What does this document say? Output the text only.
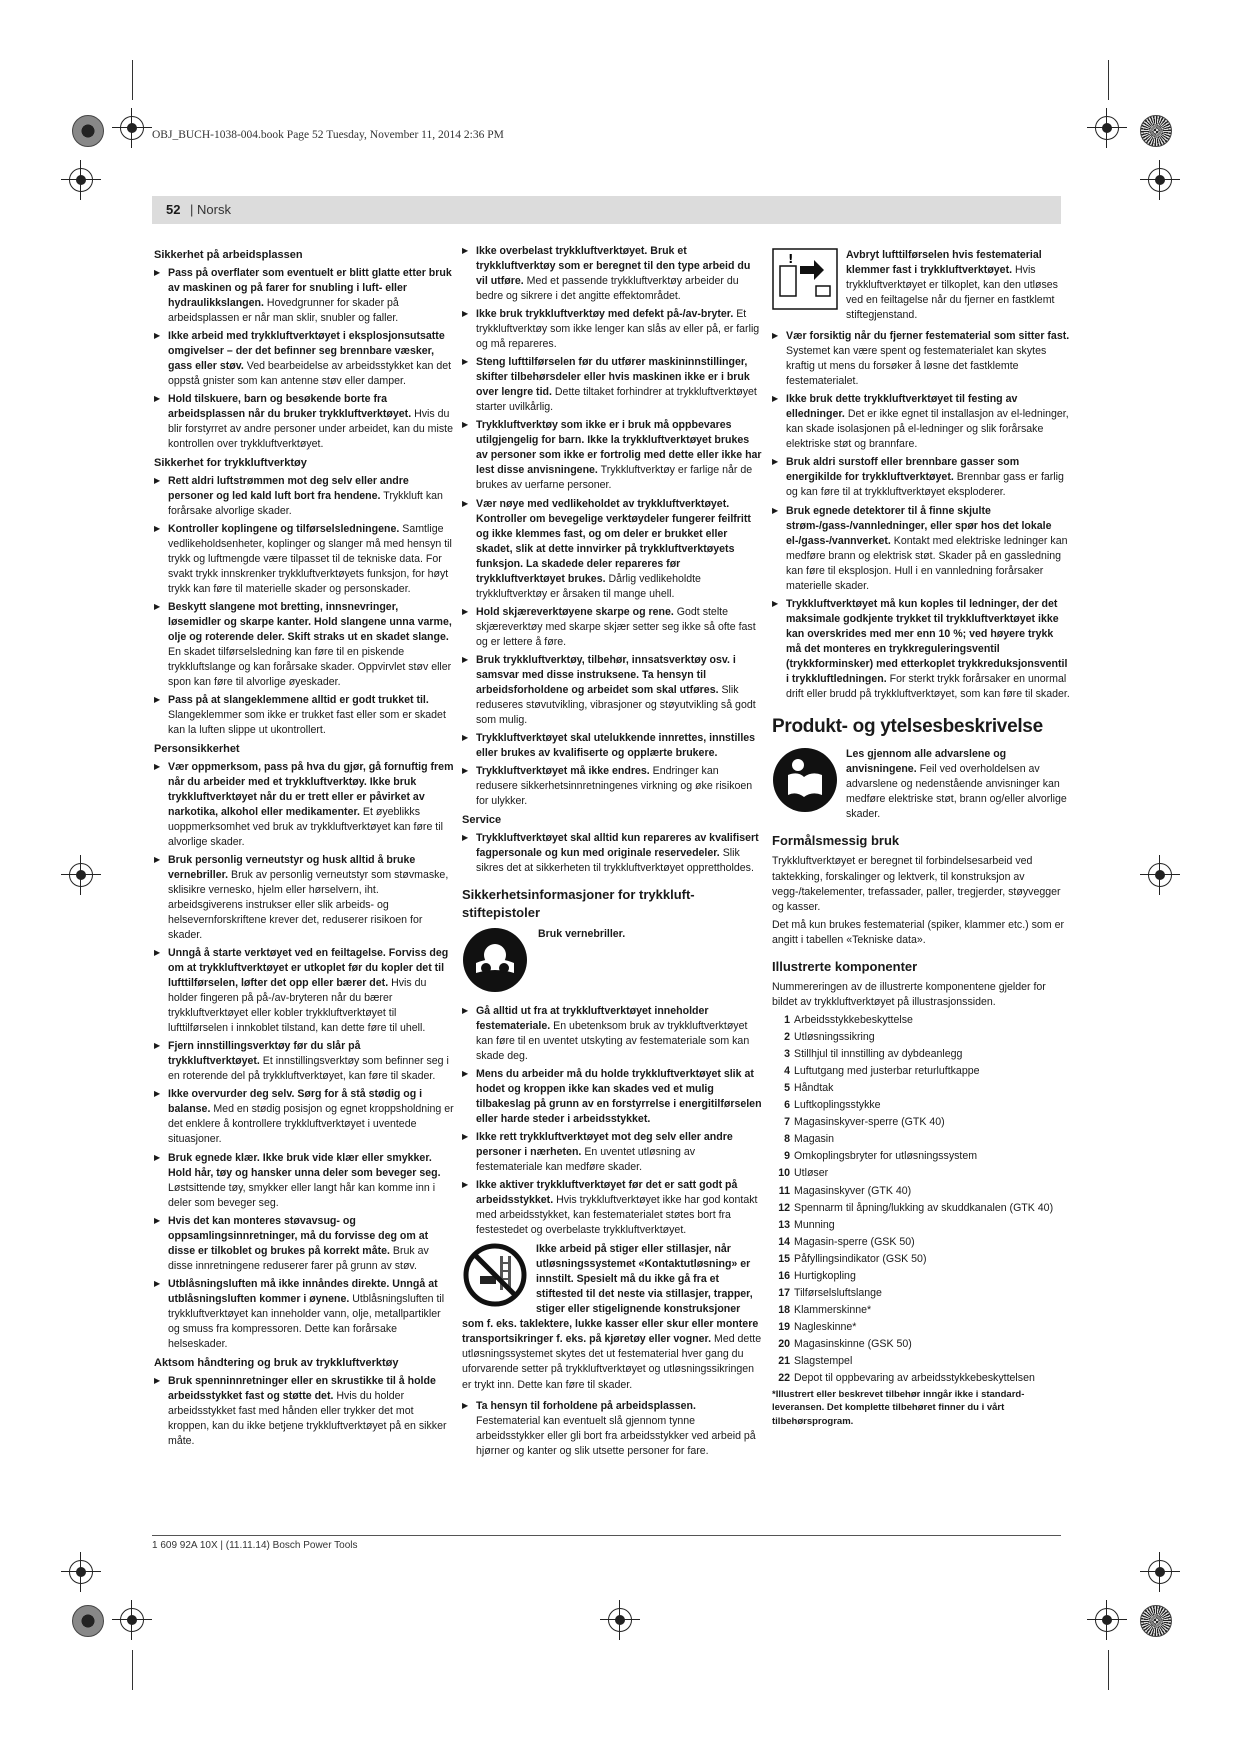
OBJ_BUCH-1038-004.book Page 52 Tuesday, November 11, 2014 2:36 PM
52 | Norsk
Sikkerhet på arbeidsplassen
▶ Pass på overflater som eventuelt er blitt glatte etter bruk av maskinen og på farer for snubling i luft- eller hydraulikkslangen. Hovedgrunner for skader på arbeidsplassen er når man sklir, snubler og faller.
▶ Ikke arbeid med trykkluftverktøyet i eksplosjonsutsatte omgivelser – der det befinner seg brennbare væsker, gass eller støv. Ved bearbeidelse av arbeidsstykket kan det oppstå gnister som kan antenne støv eller damper.
▶ Hold tilskuere, barn og besøkende borte fra arbeidsplassen når du bruker trykkluftverktøyet. Hvis du blir forstyrret av andre personer under arbeidet, kan du miste kontrollen over trykkluftverktøyet.
Sikkerhet for trykkluftverktøy
▶ Rett aldri luftstrømmen mot deg selv eller andre personer og led kald luft bort fra hendene. Trykkluft kan forårsake alvorlige skader.
▶ Kontroller koplingene og tilførselsledningene. Samtlige vedlikeholdsenheter, koplinger og slanger må med hensyn til trykk og luftmengde være tilpasset til de tekniske data. For svakt trykk innskrenker trykkluftverktøyets funksjon, for høyt trykk kan føre til materielle skader og personskader.
▶ Beskytt slangene mot bretting, innsnevringer, løsemidler og skarpe kanter. Hold slangene unna varme, olje og roterende deler. Skift straks ut en skadet slange. En skadet tilførselsledning kan føre til en piskende trykkluftslange og kan forårsake skader. Oppvirvlet støv eller spon kan føre til alvorlige øyeskader.
▶ Pass på at slangeklemmene alltid er godt trukket til. Slangeklemmer som ikke er trukket fast eller som er skadet kan la luften slippe ut ukontrollert.
Personsikkerhet
▶ Vær oppmerksom, pass på hva du gjør, gå fornuftig frem når du arbeider med et trykkluftverktøy. Ikke bruk trykkluftverktøyet når du er trett eller er påvirket av narkotika, alkohol eller medikamenter. Et øyeblikks uoppmerksomhet ved bruk av trykkluftverktøyet kan føre til alvorlige skader.
▶ Bruk personlig verneutstyr og husk alltid å bruke vernebriller. Bruk av personlig verneutstyr som støvmaske, sklisikre vernesko, hjelm eller hørselvern, iht. arbeidsgiverens instrukser eller slik arbeids- og helsevernforskriftene krever det, reduserer risikoen for skader.
▶ Unngå å starte verktøyet ved en feiltagelse. Forviss deg om at trykkluftverktøyet er utkoplet før du kopler det til lufttilførselen, løfter det opp eller bærer det. Hvis du holder fingeren på på-/av-bryteren når du bærer trykkluftverktøyet eller kobler trykkluftverktøyet til lufttilførselen i innkoblet tilstand, kan dette føre til uhell.
▶ Fjern innstillingsverktøy før du slår på trykkluftverktøyet. Et innstillingsverktøy som befinner seg i en roterende del på trykkluftverktøyet, kan føre til skader.
▶ Ikke overvurder deg selv. Sørg for å stå stødig og i balanse. Med en stødig posisjon og egnet kroppsholdning er det enklere å kontrollere trykkluftverktøyet i uventede situasjoner.
▶ Bruk egnede klær. Ikke bruk vide klær eller smykker. Hold hår, tøy og hansker unna deler som beveger seg. Løstsittende tøy, smykker eller langt hår kan komme inn i deler som beveger seg.
▶ Hvis det kan monteres støvavsug- og oppsamlingsinnretninger, må du forvisse deg om at disse er tilkoblet og brukes på korrekt måte. Bruk av disse innretningene reduserer farer på grunn av støv.
▶ Utblåsningsluften må ikke innåndes direkte. Unngå at utblåsningsluften kommer i øynene. Utblåsningsluften til trykkluftverktøyet kan inneholder vann, olje, metallpartikler og smuss fra kompressoren. Dette kan forårsake helseskader.
Aktsom håndtering og bruk av trykkluftverktøy
▶ Bruk spenninnretninger eller en skrustikke til å holde arbeidsstykket fast og støtte det. Hvis du holder arbeidsstykket fast med hånden eller trykker det mot kroppen, kan du ikke betjene trykkluftverktøyet på en sikker måte.
▶ Ikke overbelast trykkluftverktøyet. Bruk et trykkluftverktøy som er beregnet til den type arbeid du vil utføre. Med et passende trykkluftverktøy arbeider du bedre og sikrere i det angitte effektområdet.
▶ Ikke bruk trykkluftverktøy med defekt på-/av-bryter. Et trykkluftverktøy som ikke lenger kan slås av eller på, er farlig og må repareres.
▶ Steng lufttilførselen før du utfører maskininnstillinger, skifter tilbehørsdeler eller hvis maskinen ikke er i bruk over lengre tid. Dette tiltaket forhindrer at trykkluftverktøyet starter uvilkårlig.
▶ Trykkluftverktøy som ikke er i bruk må oppbevares utilgjengelig for barn. Ikke la trykkluftverktøyet brukes av personer som ikke er fortrolig med dette eller ikke har lest disse anvisningene. Trykkluftverktøy er farlige når de brukes av uerfarne personer.
▶ Vær nøye med vedlikeholdet av trykkluftverktøyet. Kontroller om bevegelige verktøydeler fungerer feilfritt og ikke klemmes fast, og om deler er brukket eller skadet, slik at dette innvirker på trykkluftverktøyets funksjon. La skadede deler repareres før trykkluftverktøyet brukes. Dårlig vedlikeholdte trykkluftverktøy er årsaken til mange uhell.
▶ Hold skjæreverktøyene skarpe og rene. Godt stelte skjæreverktøy med skarpe skjær setter seg ikke så ofte fast og er lettere å føre.
▶ Bruk trykkluftverktøy, tilbehør, innsatsverktøy osv. i samsvar med disse instruksene. Ta hensyn til arbeidsforholdene og arbeidet som skal utføres. Slik reduseres støvutvikling, vibrasjoner og støyutvikling så godt som mulig.
▶ Trykkluftverktøyet skal utelukkende innrettes, innstilles eller brukes av kvalifiserte og opplærte brukere.
▶ Trykkluftverktøyet må ikke endres. Endringer kan redusere sikkerhetsinnretningenes virkning og øke risikoen for ulykker.
Service
▶ Trykkluftverktøyet skal alltid kun repareres av kvalifisert fagpersonale og kun med originale reservedeler. Slik sikres det at sikkerheten til trykkluftverktøyet opprettholdes.
Sikkerhetsinformasjoner for trykkluft-stiftepistoler
Bruk vernebriller.
▶ Gå alltid ut fra at trykkluftverktøyet inneholder festemateriale. En ubetenksom bruk av trykkluftverktøyet kan føre til en uventet utskyting av festemateriale som kan skade deg.
▶ Mens du arbeider må du holde trykkluftverktøyet slik at hodet og kroppen ikke kan skades ved et mulig tilbakeslag på grunn av en forstyrrelse i energitilførselen eller harde steder i arbeidsstykket.
▶ Ikke rett trykkluftverktøyet mot deg selv eller andre personer i nærheten. En uventet utløsning av festemateriale kan medføre skader.
▶ Ikke aktiver trykkluftverktøyet før det er satt godt på arbeidsstykket. Hvis trykkluftverktøyet ikke har god kontakt med arbeidsstykket, kan festematerialet støtes bort fra festestedet og overbelaste trykkluftverktøyet.
Ikke arbeid på stiger eller stillasjer, når utløsningssystemet «Kontaktutløsning» er innstilt. Spesielt må du ikke gå fra et stiftested til det neste via stillasjer, trapper, stiger eller stigelignende konstruksjoner som f. eks. taklektere, lukke kasser eller skur eller montere transportsikringer f. eks. på kjøretøy eller vogner. Med dette utløsningssystemet skytes det ut festematerial hver gang du uforvarende setter på trykkluftverktøyet og utløsningssikringen er trykt inn. Dette kan føre til skader.
▶ Ta hensyn til forholdene på arbeidsplassen. Festematerial kan eventuelt slå gjennom tynne arbeidsstykker eller gli bort fra arbeidsstykker ved arbeid på hjørner og kanter og slik utsette personer for fare.
!	Avbryt lufttilførselen hvis festematerial klemmer fast i trykkluftverktøyet. Hvis trykkluftverktøyet er tilkoplet, kan den utløses ved en feiltagelse når du fjerner en fastklemt stiftegjenstand.
▶ Vær forsiktig når du fjerner festematerial som sitter fast. Systemet kan være spent og festematerialet kan skytes kraftig ut mens du forsøker å løsne det fastklemte festematerialet.
▶ Ikke bruk dette trykkluftverktøyet til festing av elledninger. Det er ikke egnet til installasjon av el-ledninger, kan skade isolasjonen på el-ledninger og slik forårsake elektriske støt og brannfare.
▶ Bruk aldri surstoff eller brennbare gasser som energikilde for trykkluftverktøyet. Brennbar gass er farlig og kan føre til at trykkluftverktøyet eksploderer.
▶ Bruk egnede detektorer til å finne skjulte strøm-/gass-/vannledninger, eller spør hos det lokale el-/gass-/vannverket. Kontakt med elektriske ledninger kan medføre brann og elektrisk støt. Skader på en gassledning kan føre til eksplosjon. Hull i en vannledning forårsaker materielle skader.
▶ Trykkluftverktøyet må kun koples til ledninger, der det maksimale godkjente trykket til trykkluftverktøyet ikke kan overskrides med mer enn 10 %; ved høyere trykk må det monteres en trykkreguleringsventil (trykkforminsker) med etterkoplet trykkreduksjonsventil i trykkluftledningen. For sterkt trykk forårsaker en unormal drift eller brudd på trykkluftverktøyet, som kan føre til skader.
Produkt- og ytelsesbeskrivelse
Les gjennom alle advarslene og anvisningene. Feil ved overholdelsen av advarslene og nedenstående anvisninger kan medføre elektriske støt, brann og/eller alvorlige skader.
Formålsmessig bruk

Trykkluftverktøyet er beregnet til forbindelsesarbeid ved taktekking, forskalinger og lektverk, til konstruksjon av vegg-/takelementer, trefassader, paller, tregjerder, støyvegger og kasser.

Det må kun brukes festematerial (spiker, klammer etc.) som er angitt i tabellen «Tekniske data».

Illustrerte komponenter

Nummereringen av de illustrerte komponentene gjelder for bildet av trykkluftverktøyet på illustrasjonssiden.

1 Arbeidsstykkebeskyttelse
2 Utløsningssikring
3 Stillhjul til innstilling av dybdeanlegg
4 Luftutgang med justerbar returluftkappe
5 Håndtak
6 Luftkoplingsstykke
7 Magasinskyver-sperre (GTK 40)
8 Magasin
9 Omkoplingsbryter for utløsningssystem
10 Utløser
11 Magasinskyver (GTK 40)
12 Spennarm til åpning/lukking av skuddkanalen (GTK 40)
13 Munning
14 Magasin-sperre (GSK 50)
15 Påfyllingsindikator (GSK 50)
16 Hurtigkopling
17 Tilførselsluftslange
18 Klammerskinne*
19 Nagleskinne*
20 Magasinskinne (GSK 50)
21 Slagstempel
22 Depot til oppbevaring av arbeidsstykkebeskyttelsen

*Illustrert eller beskrevet tilbehør inngår ikke i standard-leveransen. Det komplette tilbehøret finner du i vårt tilbehørsprogram.

1 609 92A 10X | (11.11.14) Bosch Power Tools
